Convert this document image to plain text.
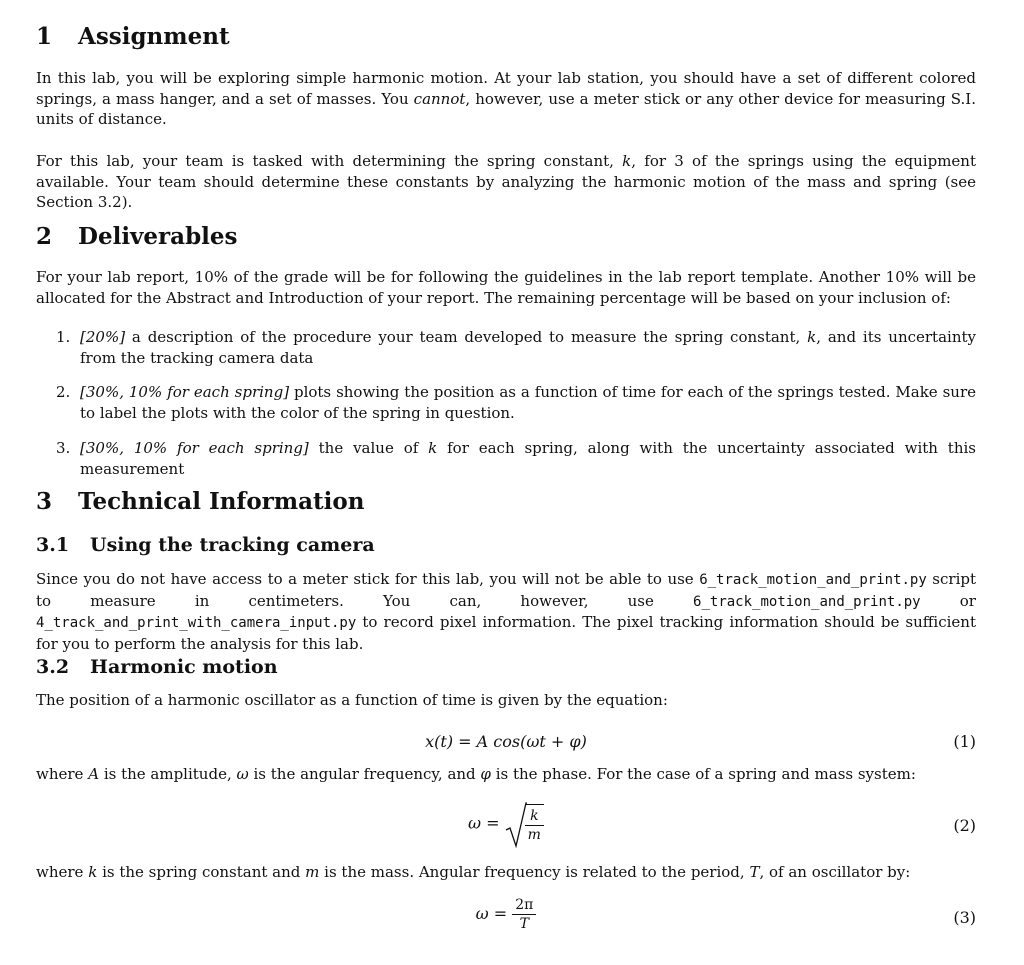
1 Assignment

In this lab, you will be exploring simple harmonic motion. At your lab station, you should have a set of different colored springs, a mass hanger, and a set of masses. You cannot, however, use a meter stick or any other device for measuring S.I. units of distance.

For this lab, your team is tasked with determining the spring constant, k, for 3 of the springs using the equipment available. Your team should determine these constants by analyzing the harmonic motion of the mass and spring (see Section 3.2).

2 Deliverables

For your lab report, 10% of the grade will be for following the guidelines in the lab report template. Another 10% will be allocated for the Abstract and Introduction of your report. The remaining percentage will be based on your inclusion of:

1. [20%] a description of the procedure your team developed to measure the spring constant, k, and its uncertainty from the tracking camera data
2. [30%, 10% for each spring] plots showing the position as a function of time for each of the springs tested. Make sure to label the plots with the color of the spring in question.
3. [30%, 10% for each spring] the value of k for each spring, along with the uncertainty associated with this measurement
3 Technical Information
3.1 Using the tracking camera

Since you do not have access to a meter stick for this lab, you will not be able to use 6_track_motion_and_print.py script to measure in centimeters. You can, however, use 6_track_motion_and_print.py or 4_track_and_print_with_camera_input.py to record pixel information. The pixel tracking information should be sufficient for you to perform the analysis for this lab.

3.2 Harmonic motion

The position of a harmonic oscillator as a function of time is given by the equation:

x(t) = A cos(ωt + φ)	(1)

where A is the amplitude, ω is the angular frequency, and φ is the phase. For the case of a spring and mass system:

$\omega = \frac{k}{m}$	(2)

where k is the spring constant and m is the mass. Angular frequency is related to the period, T, of an oscillator by:

$\omega = \frac{2\pi}{T}$	(3)
